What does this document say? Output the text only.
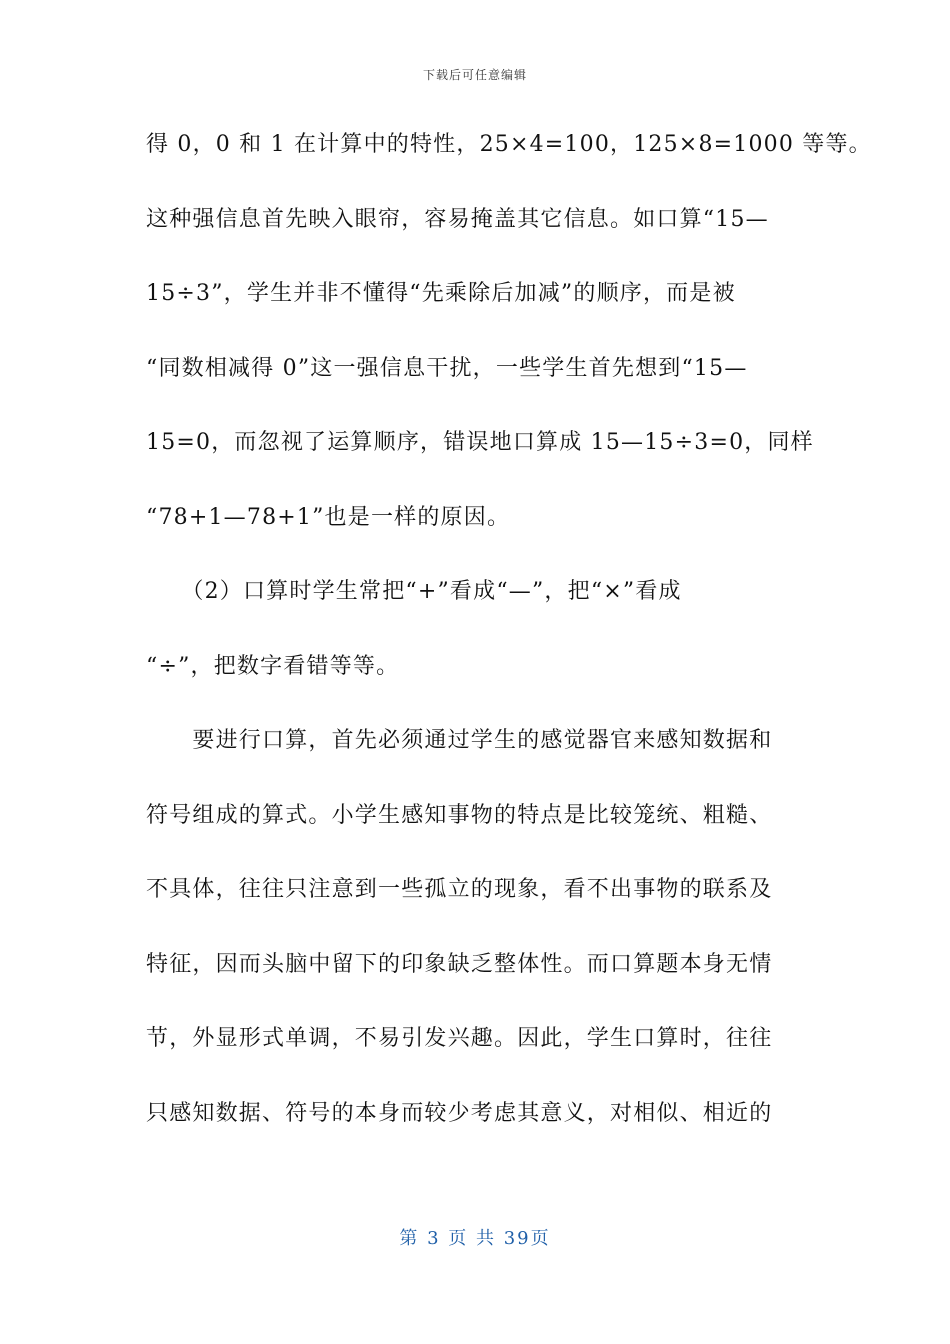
下载后可任意编辑
得 0，0 和 1 在计算中的特性，25×4=100，125×8=1000 等等。
这种强信息首先映入眼帘，容易掩盖其它信息。如口算“15—
15÷3”，学生并非不懂得“先乘除后加减”的顺序，而是被
“同数相减得 0”这一强信息干扰，一些学生首先想到“15—
15=0，而忽视了运算顺序，错误地口算成 15—15÷3=0，同样
“78+1—78+1”也是一样的原因。
　　（2）口算时学生常把“+”看成“—”，把“×”看成
“÷”，把数字看错等等。
　　要进行口算，首先必须通过学生的感觉器官来感知数据和
符号组成的算式。小学生感知事物的特点是比较笼统、粗糙、
不具体，往往只注意到一些孤立的现象，看不出事物的联系及
特征，因而头脑中留下的印象缺乏整体性。而口算题本身无情
节，外显形式单调，不易引发兴趣。因此，学生口算时，往往
只感知数据、符号的本身而较少考虑其意义，对相似、相近的
第 3 页 共 39页
